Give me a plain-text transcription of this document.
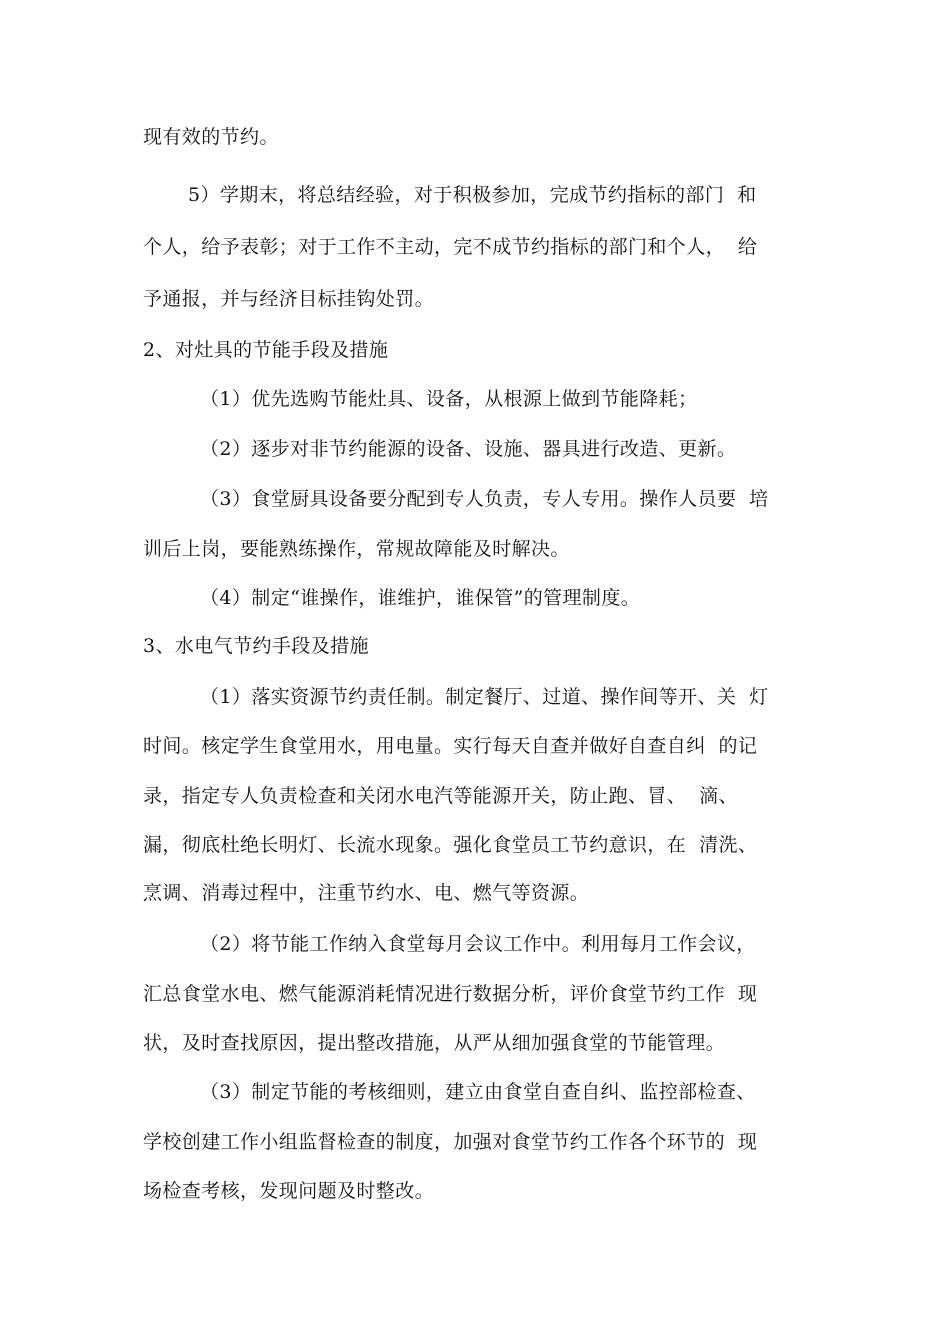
现有效的节约。
5）学期末，将总结经验，对于积极参加，完成节约指标的部门  和
个人，给予表彰；对于工作不主动，完不成节约指标的部门和个人，  给
予通报，并与经济目标挂钩处罚。
2、对灶具的节能手段及措施
（1）优先选购节能灶具、设备，从根源上做到节能降耗；
（2）逐步对非节约能源的设备、设施、器具进行改造、更新。
（3）食堂厨具设备要分配到专人负责，专人专用。操作人员要  培
训后上岗，要能熟练操作，常规故障能及时解决。
（4）制定“谁操作，谁维护，谁保管”的管理制度。
3、水电气节约手段及措施
（1）落实资源节约责任制。制定餐厅、过道、操作间等开、关  灯
时间。核定学生食堂用水，用电量。实行每天自查并做好自查自纠  的记
录，指定专人负责检查和关闭水电汽等能源开关，防止跑、冒、  滴、
漏，彻底杜绝长明灯、长流水现象。强化食堂员工节约意识，在  清洗、
烹调、消毒过程中，注重节约水、电、燃气等资源。
（2）将节能工作纳入食堂每月会议工作中。利用每月工作会议，
汇总食堂水电、燃气能源消耗情况进行数据分析，评价食堂节约工作  现
状，及时查找原因，提出整改措施，从严从细加强食堂的节能管理。
（3）制定节能的考核细则，建立由食堂自查自纠、监控部检查、
学校创建工作小组监督检查的制度，加强对食堂节约工作各个环节的  现
场检查考核，发现问题及时整改。
